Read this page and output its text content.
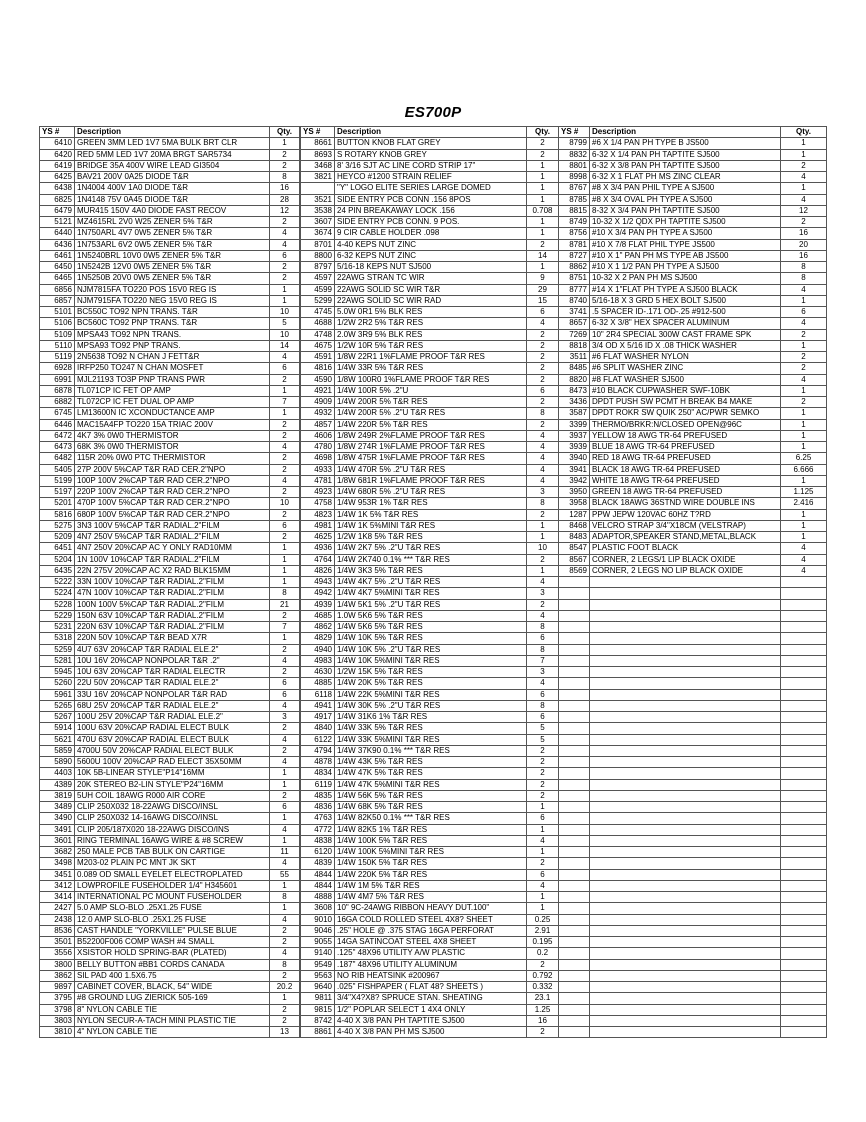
ES700P
YS #	Description	Qty.
6410	GREEN 3MM LED 1V7 5MA BULK BRT CLR	1
6420	RED 5MM LED 1V7 20MA BRGT SAR5734	2
6419	BRIDGE 35A 400V WIRE LEAD GI3504	2
6425	BAV21 200V 0A25 DIODE T&R	8
6438	1N4004 400V 1A0 DIODE T&R	16
6825	1N4148 75V 0A45 DIODE T&R	28
6479	MUR415 150V 4A0 DIODE FAST RECOV	12
5121	MZ4615RL 2V0 W25 ZENER 5% T&R	2
6440	1N750ARL 4V7 0W5 ZENER 5% T&R	4
6436	1N753ARL 6V2 0W5 ZENER 5% T&R	4
6461	1N5240BRL 10V0 0W5 ZENER 5% T&R	6
6450	1N5242B 12V0 0W5 ZENER 5% T&R	2
6465	1N5250B 20V0 0W5 ZENER 5% T&R	2
6856	NJM7815FA TO220 POS 15V0 REG IS	1
6857	NJM7915FA TO220 NEG 15V0 REG IS	1
5101	BC550C TO92 NPN TRANS. T&R	10
5106	BC560C TO92 PNP TRANS. T&R	5
5109	MPSA43 TO92 NPN TRANS.	10
5110	MPSA93 TO92 PNP TRANS.	14
5119	2N5638 TO92 N CHAN J FETT&R	4
6928	IRFP250 TO247 N CHAN MOSFET	6
6991	MJL21193 TO3P PNP TRANS PWR	2
6878	TL071CP IC FET OP AMP	1
6882	TL072CP IC FET DUAL OP AMP	7
6745	LM13600N IC XCONDUCTANCE AMP	1
6446	MAC15A4FP TO220 15A TRIAC 200V	2
6472	4K7 3% 0W0 THERMISTOR	2
6473	68K 3% 0W0 THERMISTOR	4
6482	115R 20% 0W0 PTC THERMISTOR	2
5405	27P 200V 5%CAP T&R RAD CER.2"NPO	2
5199	100P 100V 2%CAP T&R RAD CER.2"NPO	4
5197	220P 100V 2%CAP T&R RAD CER.2"NPO	2
5201	470P 100V 5%CAP T&R RAD CER.2"NPO	10
5816	680P 100V 5%CAP T&R RAD CER.2"NPO	2
5275	3N3 100V 5%CAP T&R RADIAL.2"FILM	6
5209	4N7 250V 5%CAP T&R RADIAL.2"FILM	2
6451	4N7 250V 20%CAP AC Y ONLY RAD10MM	1
5204	1N 100V 10%CAP T&R RADIAL.2"FILM	1
6435	22N 275V 20%CAP AC X2 RAD BLK15MM	1
5222	33N 100V 10%CAP T&R RADIAL.2"FILM	1
5224	47N 100V 10%CAP T&R RADIAL.2"FILM	8
5228	100N 100V 5%CAP T&R RADIAL.2"FILM	21
5229	150N 63V 10%CAP T&R RADIAL.2"FILM	2
5231	220N 63V 10%CAP T&R RADIAL.2"FILM	7
5318	220N 50V 10%CAP T&R BEAD X7R	1
5259	4U7 63V 20%CAP T&R RADIAL ELE.2"	2
5281	10U 16V 20%CAP NONPOLAR T&R .2"	4
5945	10U 63V 20%CAP T&R RADIAL ELECTR	2
5260	22U 50V 20%CAP T&R RADIAL ELE.2"	6
5961	33U 16V 20%CAP NONPOLAR T&R RAD	6
5265	68U 25V 20%CAP T&R RADIAL ELE.2"	4
5267	100U 25V 20%CAP T&R RADIAL ELE.2"	3
5914	100U 63V 20%CAP RADIAL ELECT BULK	2
5621	470U 63V 20%CAP RADIAL ELECT BULK	4
5859	4700U 50V 20%CAP RADIAL ELECT BULK	2
5890	5600U 100V 20%CAP RAD ELECT 35X50MM	4
4403	10K 5B-LINEAR STYLE"P14"16MM	1
4389	20K STEREO B2-LIN STYLE"P24"16MM	1
3819	5UH COIL 18AWG R000 AIR CORE	2
3489	CLIP 250X032 18-22AWG DISCO/INSL	6
3490	CLIP 250X032 14-16AWG DISCO/INSL	1
3491	CLIP 205/187X020 18-22AWG DISCO/INS	4
3601	RING TERMINAL 16AWG WIRE & #8 SCREW	1
3682	250 MALE PCB TAB BULK ON CARTIGE	11
3498	M203-02 PLAIN PC MNT JK SKT	4
3451	0.089 OD SMALL EYELET ELECTROPLATED	55
3412	LOWPROFILE FUSEHOLDER 1/4" H345601	1
3414	INTERNATIONAL PC MOUNT FUSEHOLDER	8
2427	5.0 AMP SLO-BLO .25X1.25 FUSE	1
2438	12.0 AMP SLO-BLO .25X1.25 FUSE	4
8536	CAST HANDLE "YORKVILLE" PULSE BLUE	2
3501	B52200F006 COMP WASH #4 SMALL	2
3556	XSISTOR HOLD SPRING-BAR (PLATED)	4
3800	BELLY BUTTON #BB1 CORDS CANADA	8
3862	SIL PAD 400 1.5X6.75	2
9897	CABINET COVER, BLACK, 54" WIDE	20.2
3795	#8 GROUND LUG ZIERICK 505-169	1
3798	8" NYLON CABLE TIE	2
3803	NYLON SECUR-A-TACH MINI PLASTIC TIE	2
3810	4" NYLON CABLE TIE	13
YS #	Description	Qty.
8661	BUTTON KNOB FLAT GREY	2
8693	S ROTARY KNOB GREY	2
3468	8' 3/16 SJT AC LINE CORD STRIP 17"	1
3821	HEYCO #1200 STRAIN RELIEF	1
	"Y" LOGO ELITE SERIES LARGE DOMED	1
3521	SIDE ENTRY PCB CONN .156 8POS	1
3538	24 PIN BREAKAWAY LOCK .156	0.708
3607	SIDE ENTRY PCB CONN. 9 POS.	1
3674	9 CIR CABLE HOLDER .098	1
8701	4-40 KEPS NUT ZINC	2
8800	6-32 KEPS NUT ZINC	14
8797	5/16-18 KEPS NUT SJ500	1
4597	22AWG STRAN TC WIR	9
4599	22AWG SOLID SC WIR T&R	29
5299	22AWG SOLID SC WIR RAD	15
4745	5.0W 0R1 5% BLK RES	6
4688	1/2W 2R2 5% T&R RES	4
4748	2.0W 3R9 5% BLK RES	2
4675	1/2W 10R 5% T&R RES	2
4591	1/8W 22R1 1%FLAME PROOF T&R RES	2
4816	1/4W 33R 5% T&R RES	2
4590	1/8W 100R0 1%FLAME PROOF T&R RES	2
4921	1/4W 100R 5% .2"U	6
4909	1/4W 200R 5% T&R RES	2
4932	1/4W 200R 5% .2"U T&R RES	8
4857	1/4W 220R 5% T&R RES	2
4606	1/8W 249R 2%FLAME PROOF T&R RES	4
4780	1/8W 274R 1%FLAME PROOF T&R RES	4
4698	1/8W 475R 1%FLAME PROOF T&R RES	4
4933	1/4W 470R 5% .2"U T&R RES	4
4781	1/8W 681R 1%FLAME PROOF T&R RES	4
4923	1/4W 680R 5% .2"U T&R RES	3
4758	1/4W 953R 1% T&R RES	8
4823	1/4W 1K 5% T&R RES	2
4981	1/4W 1K 5%MINI T&R RES	1
4625	1/2W 1K8 5% T&R RES	1
4936	1/4W 2K7 5% .2"U T&R RES	10
4764	1/4W 2K740 0.1% *** T&R RES	2
4826	1/4W 3K3 5% T&R RES	1
4943	1/4W 4K7 5% .2"U T&R RES	4
4942	1/4W 4K7 5%MINI T&R RES	3
4939	1/4W 5K1 5% .2"U T&R RES	2
4685	1.0W 5K6 5% T&R RES	4
4862	1/4W 5K6 5% T&R RES	8
4829	1/4W 10K 5% T&R RES	6
4940	1/4W 10K 5% .2"U T&R RES	8
4983	1/4W 10K 5%MINI T&R RES	7
4630	1/2W 15K 5% T&R RES	3
4885	1/4W 20K 5% T&R RES	4
6118	1/4W 22K 5%MINI T&R RES	6
4941	1/4W 30K 5% .2"U T&R RES	8
4917	1/4W 31K6 1% T&R RES	6
4840	1/4W 33K 5% T&R RES	5
6122	1/4W 33K 5%MINI T&R RES	5
4794	1/4W 37K90 0.1% *** T&R RES	2
4878	1/4W 43K 5% T&R RES	2
4834	1/4W 47K 5% T&R RES	2
6119	1/4W 47K 5%MINI T&R RES	2
4835	1/4W 56K 5% T&R RES	2
4836	1/4W 68K 5% T&R RES	1
4763	1/4W 82K50 0.1% *** T&R RES	6
4772	1/4W 82K5 1% T&R RES	1
4838	1/4W 100K 5% T&R RES	4
6120	1/4W 100K 5%MINI T&R RES	1
4839	1/4W 150K 5% T&R RES	2
4844	1/4W 220K 5% T&R RES	6
4844	1/4W 1M 5% T&R RES	4
4888	1/4W 4M7 5% T&R RES	1
3608	10" 9C-24AWG RIBBON HEAVY DUT.100"	1
9010	16GA COLD ROLLED STEEL 4X8? SHEET	0.25
9046	.25" HOLE @ .375 STAG 16GA PERFORAT	2.91
9055	14GA SATINCOAT STEEL 4X8 SHEET	0.195
9140	.125" 48X96 UTILITY A/W PLASTIC	0.2
9549	.187" 48X96 UTILITY ALUMINUM	2
9563	NO RIB HEATSINK #200967	0.792
9640	.025" FISHPAPER ( FLAT 48? SHEETS )	0.332
9811	3/4"X4?X8? SPRUCE STAN. SHEATING	23.1
9815	1/2" POPLAR SELECT 1 4X4 ONLY	1.25
8742	4-40 X 3/8 PAN PH TAPTITE SJ500	16
8861	4-40 X 3/8 PAN PH MS SJ500	2
YS #	Description	Qty.
8799	#6 X 1/4 PAN PH TYPE B JS500	1
8832	6-32 X 1/4 PAN PH TAPTITE SJ500	1
8801	6-32 X 3/8 PAN PH TAPTITE SJ500	2
8998	6-32 X 1 FLAT PH MS ZINC CLEAR	4
8767	#8 X 3/4 PAN PHIL TYPE A SJ500	1
8785	#8 X 3/4 OVAL PH TYPE A SJ500	4
8815	8-32 X 3/4 PAN PH TAPTITE SJ500	12
8749	10-32 X 1/2 QDX PH TAPTITE SJ500	2
8756	#10 X 3/4 PAN PH TYPE A SJ500	16
8781	#10 X 7/8 FLAT PHIL TYPE JS500	20
8727	#10 X 1" PAN PH MS TYPE AB JS500	16
8862	#10 X 1 1/2 PAN PH TYPE A SJ500	8
8751	10-32 X 2 PAN PH MS SJ500	8
8777	#14 X 1"FLAT PH TYPE A SJ500 BLACK	4
8740	5/16-18 X 3 GRD 5 HEX BOLT SJ500	1
3741	.5 SPACER ID-.171 OD-.25 #912-500	6
8657	6-32 X 3/8" HEX SPACER ALUMINUM	4
7269	10" 2R4 SPECIAL 300W CAST FRAME SPK	2
8818	3/4 OD X 5/16 ID X .08 THICK WASHER	1
3511	#6 FLAT WASHER NYLON	2
8485	#6 SPLIT WASHER ZINC	2
8820	#8 FLAT WASHER SJ500	4
8473	#10 BLACK CUPWASHER SWF-10BK	1
3436	DPDT PUSH SW PCMT H BREAK B4 MAKE	2
3587	DPDT ROKR SW QUIK 250" AC/PWR SEMKO	1
3399	THERMO/BRKR:N/CLOSED OPEN@96C	1
3937	YELLOW 18 AWG TR-64 PREFUSED	1
3939	BLUE 18 AWG TR-64 PREFUSED	1
3940	RED 18 AWG TR-64 PREFUSED	6.25
3941	BLACK 18 AWG TR-64 PREFUSED	6.666
3942	WHITE 18 AWG TR-64 PREFUSED	1
3950	GREEN 18 AWG TR-64 PREFUSED	1.125
3958	BLACK 18AWG 36STND WIRE DOUBLE INS	2.416
1287	PPW JEPW 120VAC 60HZ T?RD	1
8468	VELCRO STRAP 3/4"X18CM (VELSTRAP)	1
8483	ADAPTOR,SPEAKER STAND,METAL,BLACK	1
8547	PLASTIC FOOT BLACK	4
8567	CORNER, 2 LEGS/1 LIP BLACK OXIDE	4
8569	CORNER, 2 LEGS NO LIP BLACK OXIDE	4
